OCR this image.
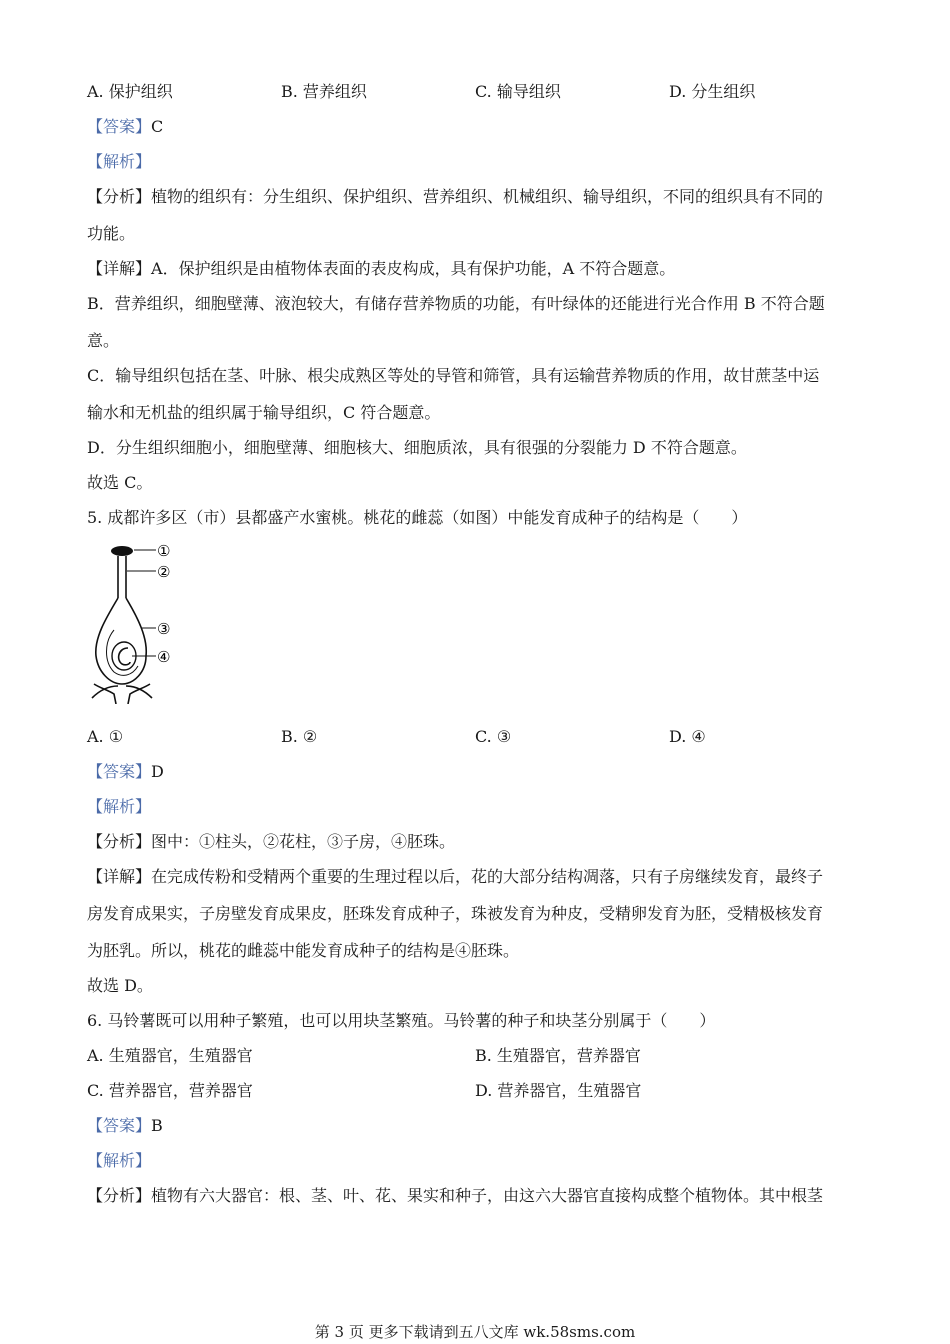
A. 保护组织	B. 营养组织	C. 输导组织	D. 分生组织
【答案】C
【解析】
【分析】植物的组织有：分生组织、保护组织、营养组织、机械组织、输导组织，不同的组织具有不同的
功能。
【详解】A．保护组织是由植物体表面的表皮构成，具有保护功能，A 不符合题意。
B．营养组织，细胞壁薄、液泡较大，有储存营养物质的功能，有叶绿体的还能进行光合作用 B 不符合题
意。
C．输导组织包括在茎、叶脉、根尖成熟区等处的导管和筛管，具有运输营养物质的作用，故甘蔗茎中运
输水和无机盐的组织属于输导组织，C 符合题意。
D．分生组织细胞小，细胞壁薄、细胞核大、细胞质浓，具有很强的分裂能力 D 不符合题意。
故选 C。
5. 成都许多区（市）县都盛产水蜜桃。桃花的雌蕊（如图）中能发育成种子的结构是（　　）
①
②
③
④
A. ①	B. ②	C. ③	D. ④
【答案】D
【解析】
【分析】图中：①柱头，②花柱，③子房，④胚珠。
【详解】在完成传粉和受精两个重要的生理过程以后，花的大部分结构凋落，只有子房继续发育，最终子
房发育成果实，子房壁发育成果皮，胚珠发育成种子，珠被发育为种皮，受精卵发育为胚，受精极核发育
为胚乳。所以，桃花的雌蕊中能发育成种子的结构是④胚珠。
故选 D。
6. 马铃薯既可以用种子繁殖，也可以用块茎繁殖。马铃薯的种子和块茎分别属于（　　）
A. 生殖器官，生殖器官	B. 生殖器官，营养器官
C. 营养器官，营养器官	D. 营养器官，生殖器官
【答案】B
【解析】
【分析】植物有六大器官：根、茎、叶、花、果实和种子，由这六大器官直接构成整个植物体。其中根茎
第 3 页 更多下载请到五八文库 wk.58sms.com
